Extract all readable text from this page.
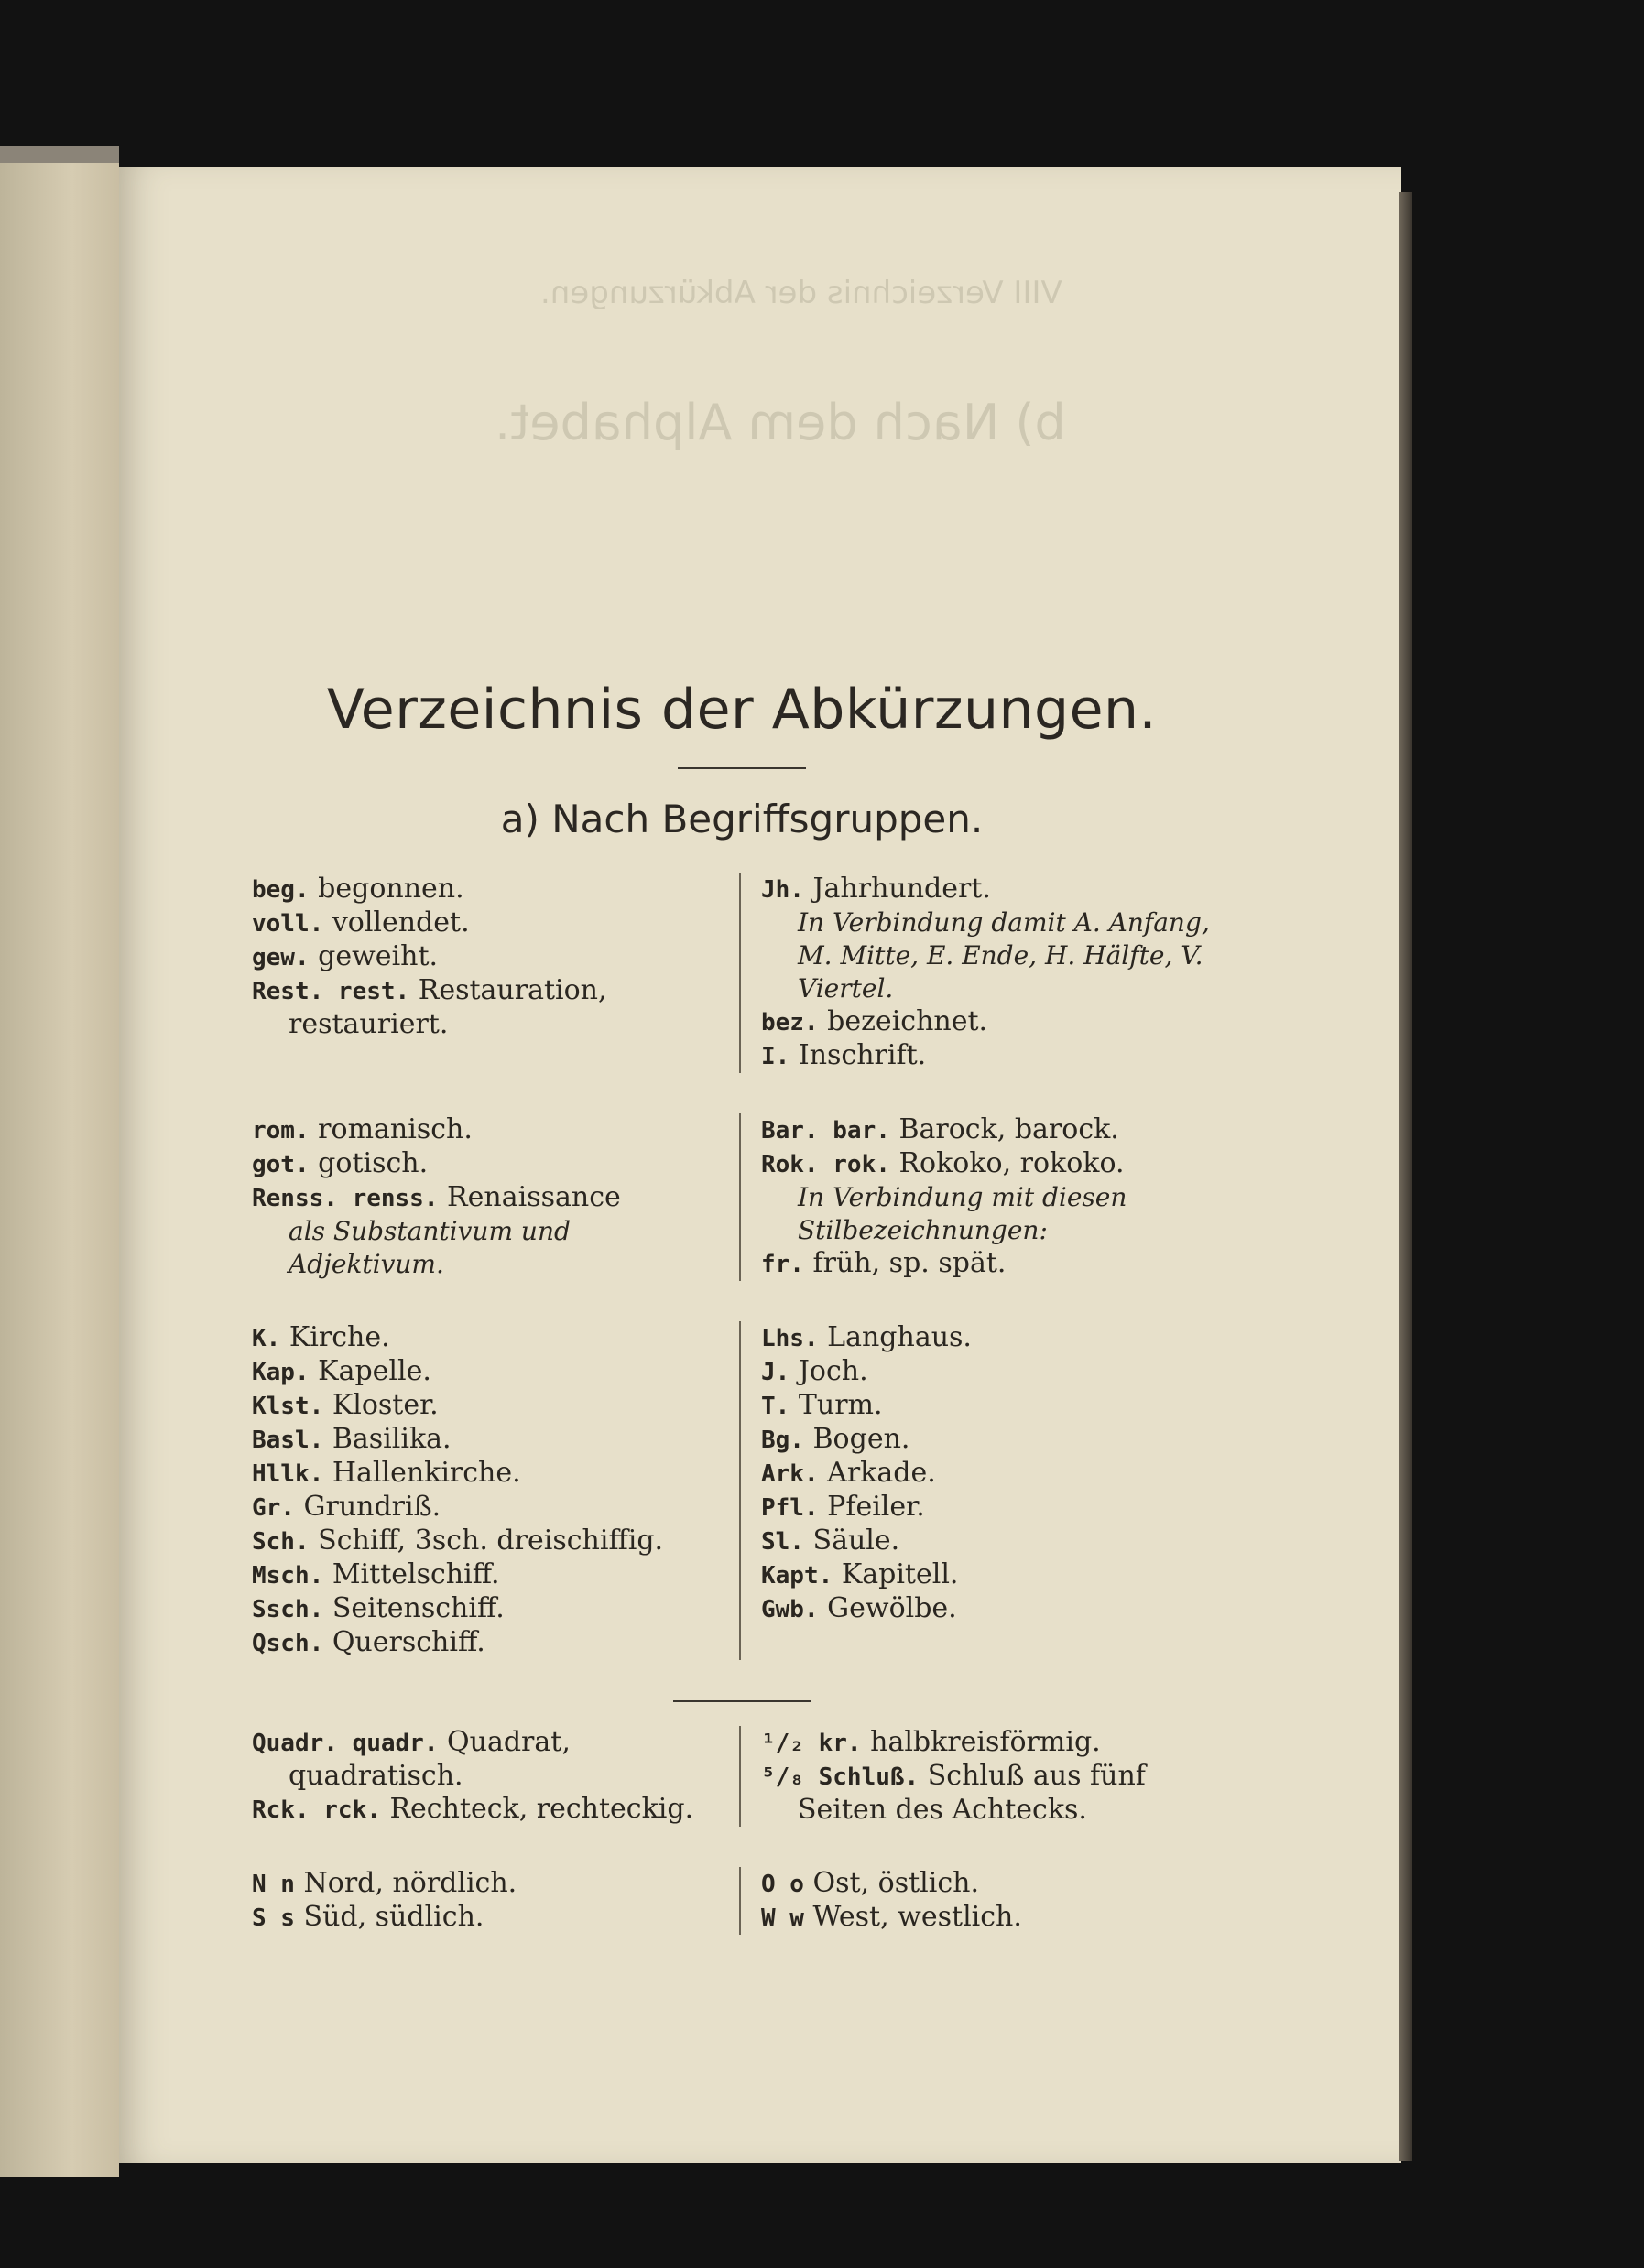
VIII Verzeichnis der Abkürzungen.
b) Nach dem Alphabet.
Verzeichnis der Abkürzungen.
a) Nach Begriffsgruppen.
beg. begonnen.
voll. vollendet.
gew. geweiht.
Rest. rest. Restauration, restauriert.
Jh. Jahrhundert.
In Verbindung damit A. Anfang, M. Mitte, E. Ende, H. Hälfte, V. Viertel.
bez. bezeichnet.
I. Inschrift.
rom. romanisch.
got. gotisch.
Renss. renss. Renaissance
als Substantivum und Adjektivum.
Bar. bar. Barock, barock.
Rok. rok. Rokoko, rokoko.
In Verbindung mit diesen Stilbezeichnungen:
fr. früh, sp. spät.
K. Kirche.
Kap. Kapelle.
Klst. Kloster.
Basl. Basilika.
Hllk. Hallenkirche.
Gr. Grundriß.
Sch. Schiff, 3sch. dreischiffig.
Msch. Mittelschiff.
Ssch. Seitenschiff.
Qsch. Querschiff.
Lhs. Langhaus.
J. Joch.
T. Turm.
Bg. Bogen.
Ark. Arkade.
Pfl. Pfeiler.
Sl. Säule.
Kapt. Kapitell.
Gwb. Gewölbe.
Quadr. quadr. Quadrat, quadratisch.
Rck. rck. Rechteck, rechteckig.
¹/₂ kr. halbkreisförmig.
⁵/₈ Schluß. Schluß aus fünf Seiten des Achtecks.
N n Nord, nördlich.
S s Süd, südlich.
O o Ost, östlich.
W w West, westlich.
